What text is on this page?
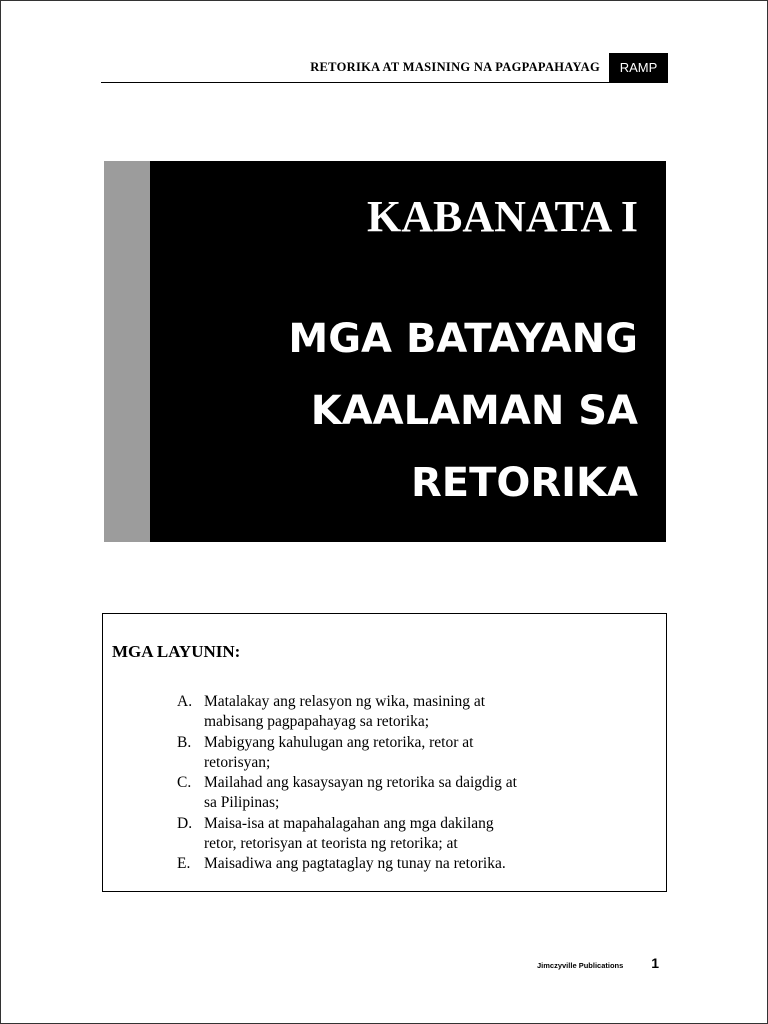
RETORIKA AT MASINING NA PAGPAPAHAYAG	RAMP
KABANATA I
MGA BATAYANG
KAALAMAN SA
RETORIKA
MGA LAYUNIN:
A. Matalakay ang relasyon ng wika, masining at
mabisang pagpapahayag sa retorika;
B. Mabigyang kahulugan ang retorika, retor at
retorisyan;
C. Mailahad ang kasaysayan ng retorika sa daigdig at
sa Pilipinas;
D. Maisa-isa at mapahalagahan ang mga dakilang
retor, retorisyan at teorista ng retorika; at
E. Maisadiwa ang pagtataglay ng tunay na retorika.
Jimczyville Publications 1
